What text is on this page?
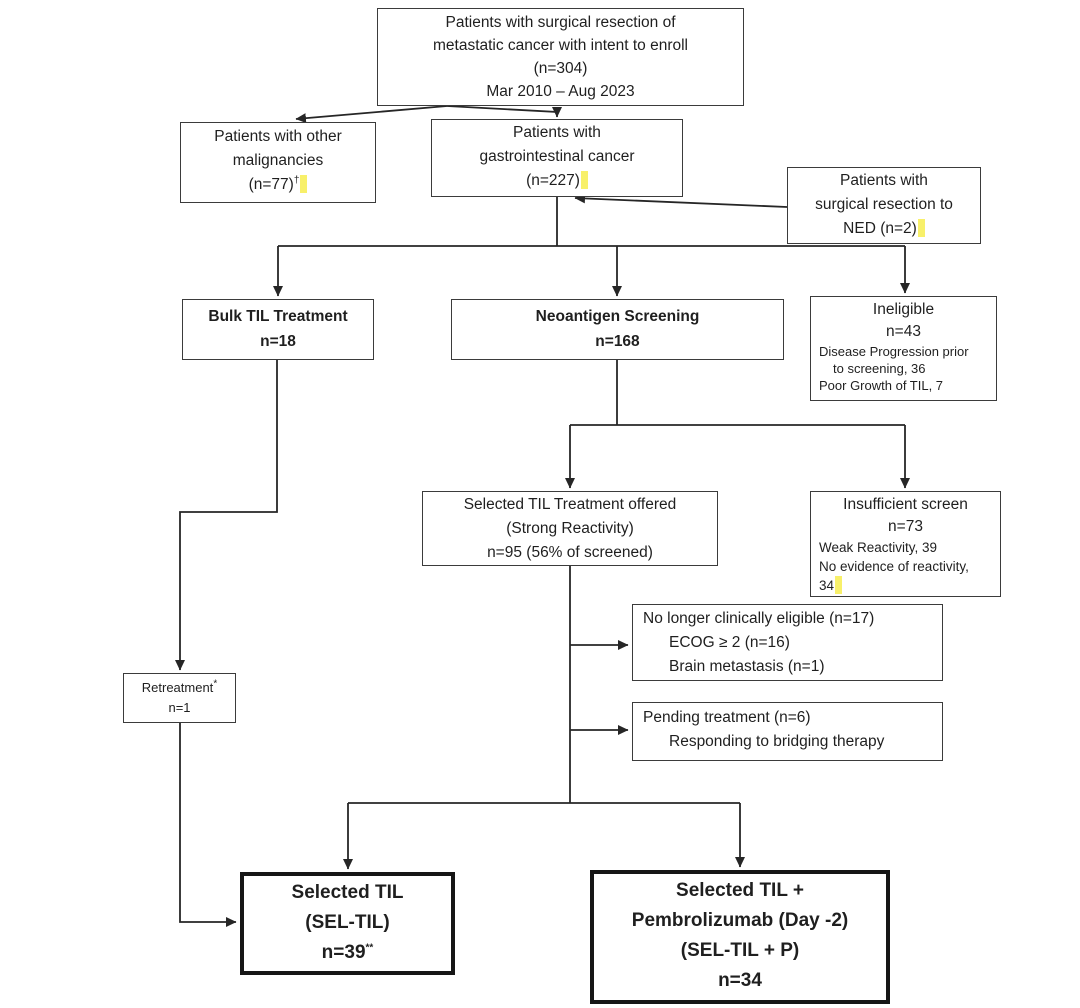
Patients with surgical resection of
metastatic cancer with intent to enroll
(n=304)
Mar 2010 – Aug 2023
Patients with other
malignancies
(n=77)†
Patients with
gastrointestinal cancer
(n=227)	Patients with
surgical resection to
NED (n=2)
Bulk TIL Treatment
n=18
Neoantigen Screening
n=168
Ineligible
n=43
Disease Progression prior
to screening, 36
Poor Growth of TIL, 7
Selected TIL Treatment offered
(Strong Reactivity)
n=95 (56% of screened)
Insufficient screen
n=73
Weak Reactivity, 39
No evidence of reactivity,
34
No longer clinically eligible (n=17)
ECOG ≥ 2 (n=16)
Brain metastasis (n=1)
Pending treatment (n=6)
Responding to bridging therapy
Retreatment*
n=1
Selected TIL
(SEL-TIL)
n=39**
Selected TIL +
Pembrolizumab (Day -2)
(SEL-TIL + P)
n=34
